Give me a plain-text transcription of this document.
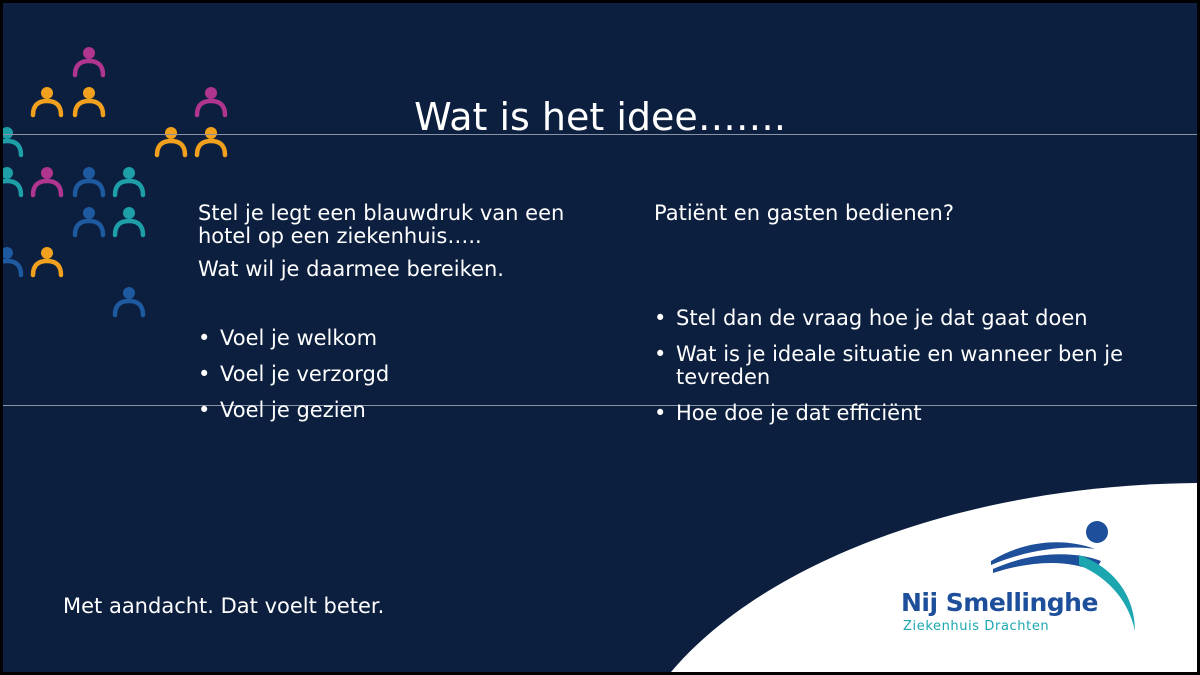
Wat is het idee…….

Stel je legt een blauwdruk van een hotel op een ziekenhuis…..

Wat wil je daarmee bereiken.

• Voel je welkom
• Voel je verzorgd
• Voel je gezien

Patiënt en gasten bedienen?

• Stel dan de vraag hoe je dat gaat doen
• Wat is je ideale situatie en wanneer ben je tevreden
• Hoe doe je dat efficiënt
Met aandacht. Dat voelt beter.	Nij Smellinghe
Ziekenhuis Drachten
